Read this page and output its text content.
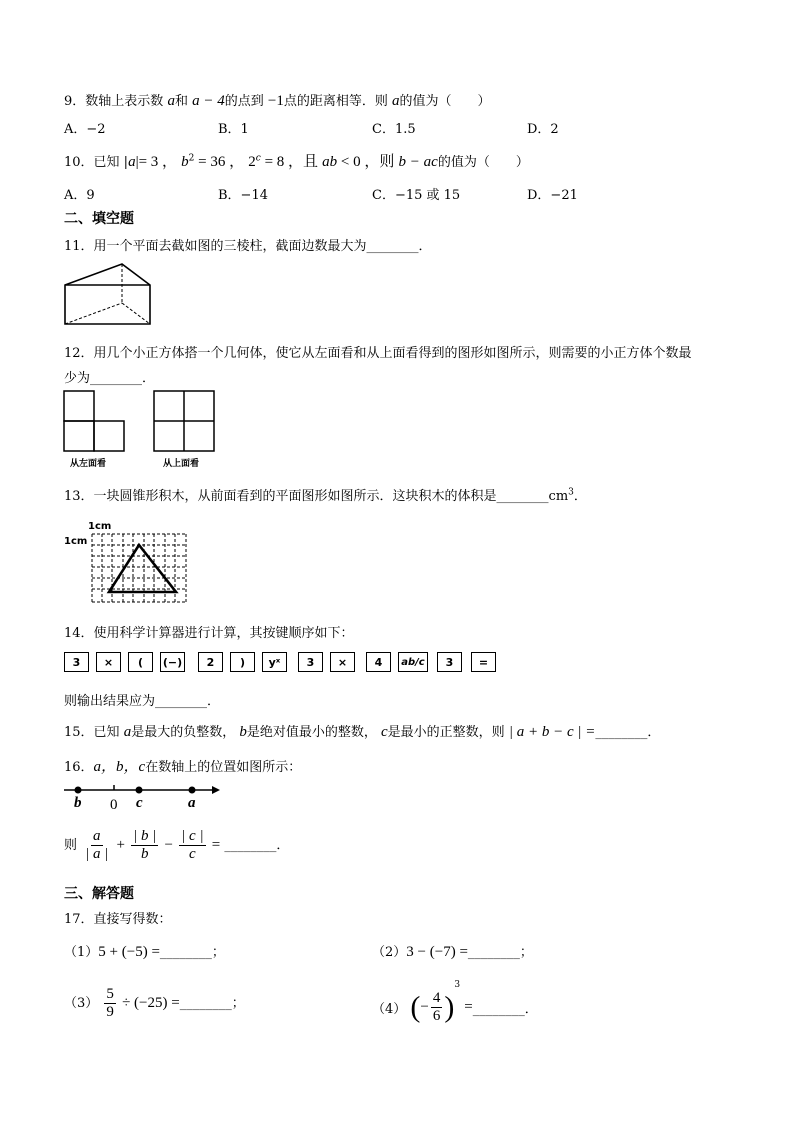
9．数轴上表示数 a和 a − 4的点到 −1点的距离相等．则 a的值为（　　）
A．−2	B．1	C．1.5	D．2
10．已知 |a|= 3 ， $b^2 = 36$ ， $2^c = 8$ ，且 ab < 0 ，则 b − ac的值为（　　）
A．9	B．−14	C．−15 或 15	D．−21
二、填空题
11．用一个平面去截如图的三棱柱，截面边数最大为________．
12．用几个小正方体搭一个几何体，使它从左面看和从上面看得到的图形如图所示，则需要的小正方体个数最
少为________．
从左面看	从上面看
13．一块圆锥形积木，从前面看到的平面图形如图所示．这块积木的体积是$\_\_\_\_\_\_\_\_cm^3$．
1cm
1cm
14．使用科学计算器进行计算，其按键顺序如下：
3	×	(	(−)	2	)	yˣ	3	×	4	ab/c	3	=
则输出结果应为________．
15．已知 a是最大的负整数， b是绝对值最小的整数， c是最小的正整数，则 | a + b − c | =________．
16．a，b，c在数轴上的位置如图所示：
b 0 c	a
则 $\frac{a}{| a |} + \frac{| b |}{b} - \frac{| c |}{c}$ = ________．
三、解答题
17．直接写得数：
（1）5 + (−5) =________；	（2）3 − (−7) =________；
$(3) \frac{5}{9} \div (-25)$ =________；	（4） (− $\frac{4}{6} )^3$ =________．
